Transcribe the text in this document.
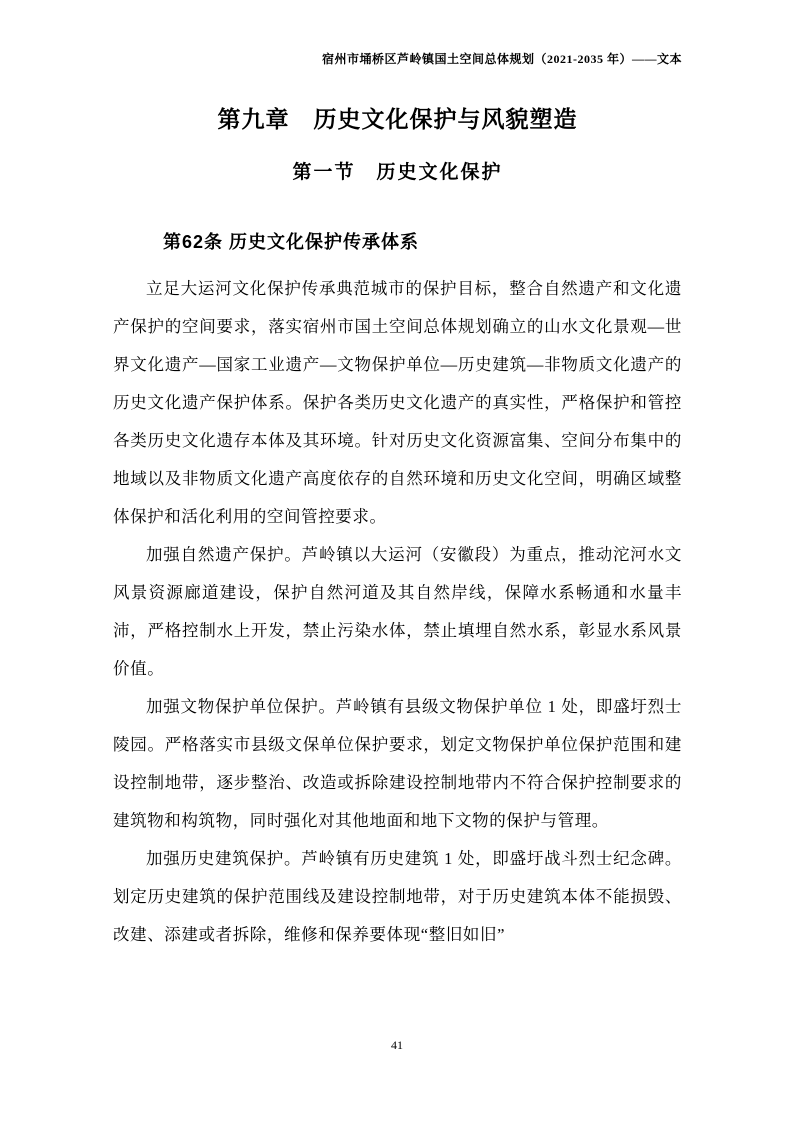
宿州市埇桥区芦岭镇国土空间总体规划（2021-2035 年）——文本
第九章　历史文化保护与风貌塑造
第一节　历史文化保护
第62条 历史文化保护传承体系

立足大运河文化保护传承典范城市的保护目标，整合自然遗产和文化遗产保护的空间要求，落实宿州市国土空间总体规划确立的山水文化景观—世界文化遗产—国家工业遗产—文物保护单位—历史建筑—非物质文化遗产的历史文化遗产保护体系。保护各类历史文化遗产的真实性，严格保护和管控各类历史文化遗存本体及其环境。针对历史文化资源富集、空间分布集中的地域以及非物质文化遗产高度依存的自然环境和历史文化空间，明确区域整体保护和活化利用的空间管控要求。

加强自然遗产保护。芦岭镇以大运河（安徽段）为重点，推动沱河水文风景资源廊道建设，保护自然河道及其自然岸线，保障水系畅通和水量丰沛，严格控制水上开发，禁止污染水体，禁止填埋自然水系，彰显水系风景价值。

加强文物保护单位保护。芦岭镇有县级文物保护单位 1 处，即盛圩烈士陵园。严格落实市县级文保单位保护要求，划定文物保护单位保护范围和建设控制地带，逐步整治、改造或拆除建设控制地带内不符合保护控制要求的建筑物和构筑物，同时强化对其他地面和地下文物的保护与管理。

加强历史建筑保护。芦岭镇有历史建筑 1 处，即盛圩战斗烈士纪念碑。划定历史建筑的保护范围线及建设控制地带，对于历史建筑本体不能损毁、改建、添建或者拆除，维修和保养要体现“整旧如旧”

41
